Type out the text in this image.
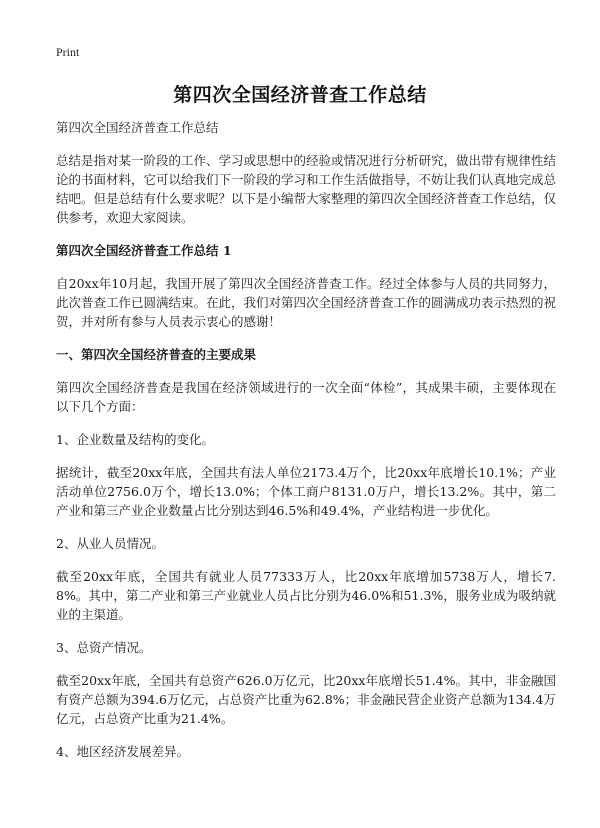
Print
第四次全国经济普查工作总结

第四次全国经济普查工作总结

总结是指对某一阶段的工作、学习或思想中的经验或情况进行分析研究，做出带有规律性结论的书面材料，它可以给我们下一阶段的学习和工作生活做指导，不妨让我们认真地完成总结吧。但是总结有什么要求呢？以下是小编帮大家整理的第四次全国经济普查工作总结，仅供参考，欢迎大家阅读。

第四次全国经济普查工作总结 1

自20xx年10月起，我国开展了第四次全国经济普查工作。经过全体参与人员的共同努力，此次普查工作已圆满结束。在此，我们对第四次全国经济普查工作的圆满成功表示热烈的祝贺，并对所有参与人员表示衷心的感谢！

一、第四次全国经济普查的主要成果

第四次全国经济普查是我国在经济领域进行的一次全面“体检”，其成果丰硕，主要体现在以下几个方面：

1、企业数量及结构的变化。

据统计，截至20xx年底，全国共有法人单位2173.4万个，比20xx年底增长10.1%；产业活动单位2756.0万个，增长13.0%；个体工商户8131.0万户，增长13.2%。其中，第二产业和第三产业企业数量占比分别达到46.5%和49.4%，产业结构进一步优化。

2、从业人员情况。

截至20xx年底，全国共有就业人员77333万人，比20xx年底增加5738万人，增长7.8%。其中，第二产业和第三产业就业人员占比分别为46.0%和51.3%，服务业成为吸纳就业的主渠道。

3、总资产情况。

截至20xx年底，全国共有总资产626.0万亿元，比20xx年底增长51.4%。其中，非金融国有资产总额为394.6万亿元，占总资产比重为62.8%；非金融民营企业资产总额为134.4万亿元，占总资产比重为21.4%。

4、地区经济发展差异。
